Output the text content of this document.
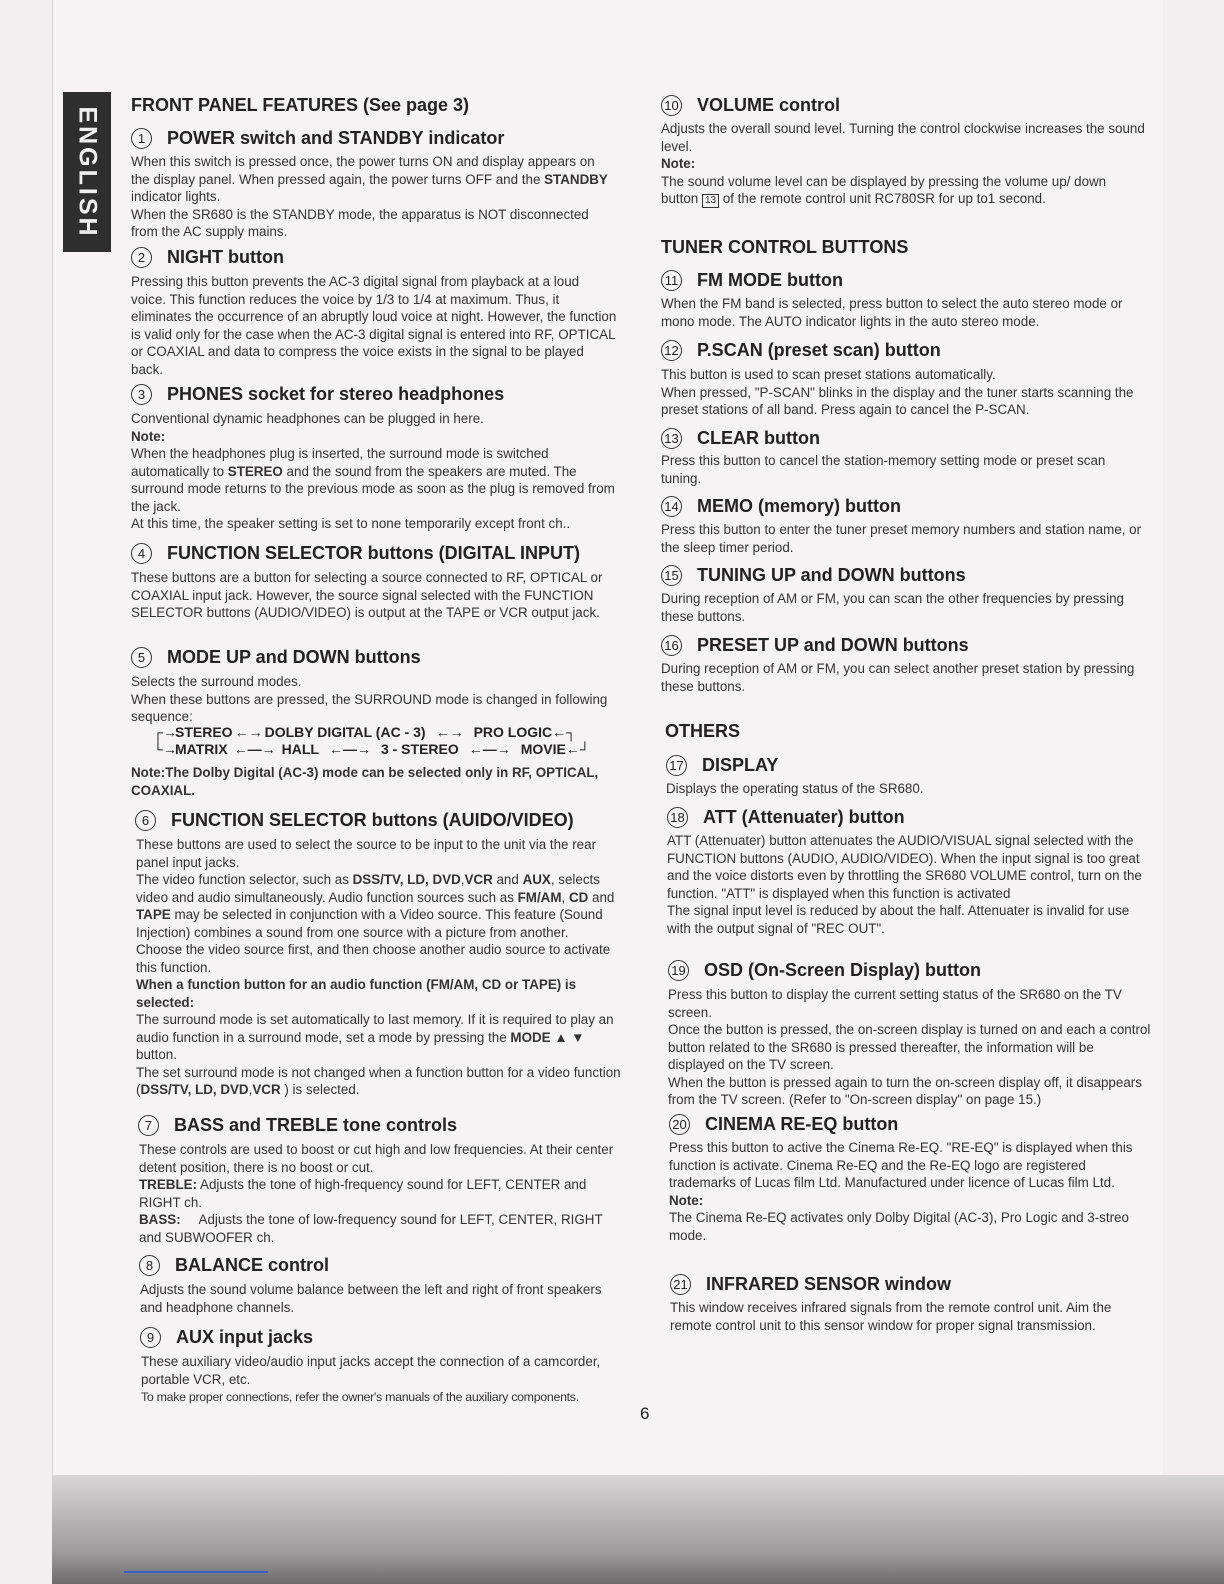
ENGLISH
FRONT PANEL FEATURES (See page 3)
1	POWER switch and STANDBY indicator
When this switch is pressed once, the power turns ON and display appears on the display panel. When pressed again, the power turns OFF and the STANDBY indicator lights.
When the SR680 is the STANDBY mode, the apparatus is NOT disconnected from the AC supply mains.
2	NIGHT button
Pressing this button prevents the AC-3 digital signal from playback at a loud voice. This function reduces the voice by 1/3 to 1/4 at maximum. Thus, it eliminates the occurrence of an abruptly loud voice at night. However, the function is valid only for the case when the AC-3 digital signal is entered into RF, OPTICAL or COAXIAL and data to compress the voice exists in the signal to be played back.
3	PHONES socket for stereo headphones
Conventional dynamic headphones can be plugged in here.

Note:
When the headphones plug is inserted, the surround mode is switched automatically to STEREO and the sound from the speakers are muted. The surround mode returns to the previous mode as soon as the plug is removed from the jack.
At this time, the speaker setting is set to none temporarily except front ch..
4	FUNCTION SELECTOR buttons (DIGITAL INPUT)
These buttons are a button for selecting a source connected to RF, OPTICAL or COAXIAL input jack. However, the source signal selected with the FUNCTION SELECTOR buttons (AUDIO/VIDEO) is output at the TAPE or VCR output jack.
5	MODE UP and DOWN buttons
Selects the surround modes.
When these buttons are pressed, the SURROUND mode is changed in following sequence:
┌→
STEREO ←→ DOLBY DIGITAL (AC - 3) ←→ PRO LOGIC ←┐
└→
MATRIX ←—→ HALL ←—→ 3 - STEREO ←—→ MOVIE ←┘
Note:The Dolby Digital (AC-3) mode can be selected only in RF, OPTICAL, COAXIAL.
6	FUNCTION SELECTOR buttons (AUIDO/VIDEO)
These buttons are used to select the source to be input to the unit via the rear panel input jacks.
The video function selector, such as DSS/TV, LD, DVD,VCR and AUX, selects video and audio simultaneously. Audio function sources such as FM/AM, CD and TAPE may be selected in conjunction with a Video source. This feature (Sound Injection) combines a sound from one source with a picture from another.
Choose the video source first, and then choose another audio source to activate this function.
When a function button for an audio function (FM/AM, CD or TAPE) is selected:
The surround mode is set automatically to last memory. If it is required to play an audio function in a surround mode, set a mode by pressing the MODE ▲ ▼ button.
The set surround mode is not changed when a function button for a video function (DSS/TV, LD, DVD,VCR ) is selected.
7	BASS and TREBLE tone controls
These controls are used to boost or cut high and low frequencies. At their center detent position, there is no boost or cut.
TREBLE: Adjusts the tone of high-frequency sound for LEFT, CENTER and RIGHT ch.
BASS:     Adjusts the tone of low-frequency sound for LEFT, CENTER, RIGHT and SUBWOOFER ch.
8	BALANCE control
Adjusts the sound volume balance between the left and right of front speakers and headphone channels.
9	AUX input jacks
These auxiliary video/audio input jacks accept the connection of a camcorder, portable VCR, etc.
To make proper connections, refer the owner's manuals of the auxiliary components.
10 VOLUME control
Adjusts the overall sound level. Turning the control clockwise increases the sound level.

Note:
The sound volume level can be displayed by pressing the volume up/ down button 13 of the remote control unit RC780SR for up to1 second.
TUNER CONTROL BUTTONS
11 FM MODE button
When the FM band is selected, press button to select the auto stereo mode or mono mode. The AUTO indicator lights in the auto stereo mode.
12 P.SCAN (preset scan) button
This button is used to scan preset stations automatically.
When pressed, "P-SCAN" blinks in the display and the tuner starts scanning the preset stations of all band. Press again to cancel the P-SCAN.
13 CLEAR button
Press this button to cancel the station-memory setting mode or preset scan tuning.
14 MEMO (memory) button
Press this button to enter the tuner preset memory numbers and station name, or the sleep timer period.
15 TUNING UP and DOWN buttons
During reception of AM or FM, you can scan the other frequencies by pressing these buttons.
16 PRESET UP and DOWN buttons
During reception of AM or FM, you can select another preset station by pressing these buttons.
OTHERS
17 DISPLAY
Displays the operating status of the SR680.
18 ATT (Attenuater) button
ATT (Attenuater) button attenuates the AUDIO/VISUAL signal selected with the FUNCTION buttons (AUDIO, AUDIO/VIDEO). When the input signal is too great and the voice distorts even by throttling the SR680 VOLUME control, turn on the function. "ATT" is displayed when this function is activated
The signal input level is reduced by about the half. Attenuater is invalid for use with the output signal of "REC OUT".
19 OSD (On-Screen Display) button
Press this button to display the current setting status of the SR680 on the TV screen.
Once the button is pressed, the on-screen display is turned on and each a control button related to the SR680 is pressed thereafter, the information will be displayed on the TV screen.
When the button is pressed again to turn the on-screen display off, it disappears from the TV screen. (Refer to "On-screen display" on page 15.)
20 CINEMA RE-EQ button
Press this button to active the Cinema Re-EQ. "RE-EQ" is displayed when this function is activate. Cinema Re-EQ and the Re-EQ logo are registered trademarks of Lucas film Ltd. Manufactured under licence of Lucas film Ltd.

Note:
The Cinema Re-EQ activates only Dolby Digital (AC-3), Pro Logic and 3-streo mode.
21 INFRARED SENSOR window
This window receives infrared signals from the remote control unit. Aim the remote control unit to this sensor window for proper signal transmission.
6
